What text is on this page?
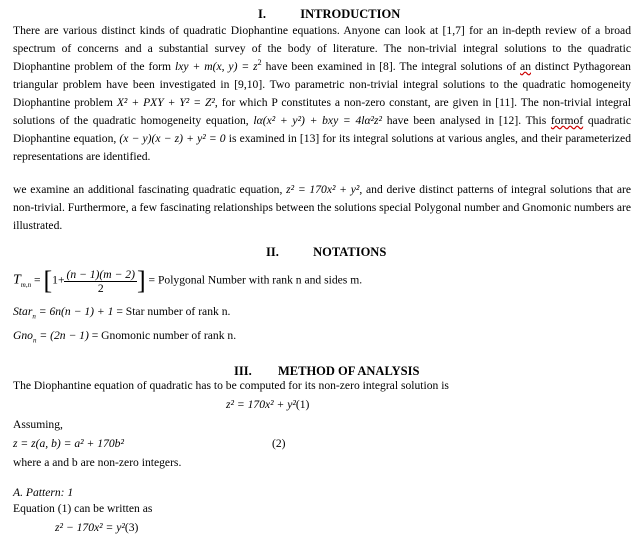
I.	INTRODUCTION
There are various distinct kinds of quadratic Diophantine equations. Anyone can look at [1,7] for an in-depth review of a broad spectrum of concerns and a substantial survey of the body of literature. The non-trivial integral solutions to the quadratic Diophantine problem of the form lxy + m(x, $y) = z^2$ have been examined in [8]. The integral solutions of an distinct Pythagorean triangular problem have been investigated in [9,10]. Two parametric non-trivial integral solutions to the quadratic homogeneity Diophantine problem X² + PXY + Y² = Z², for which P constitutes a non-zero constant, are given in [11]. The non-trivial integral solutions of the quadratic homogeneity equation, lα(x² + y²) + bxy = 4lα²z² have been analysed in [12]. This formof quadratic Diophantine equation, (x − y)(x − z) + y² = 0 is examined in [13] for its integral solutions at various angles, and their parameterized representations are identified.
we examine an additional fascinating quadratic equation, z² = 170x² + y², and derive distinct patterns of integral solutions that are non-trivial. Furthermore, a few fascinating relationships between the solutions special Polygonal number and Gnomonic numbers are illustrated.
II.	NOTATIONS
$T_{m,n} = [1+ \frac{(n - 1)(m - 2)}{2}$ ] = Polygonal Number with rank n and sides m.
Star$_n$ = 6n(n − 1) + 1 = Star number of rank n.
Gno$_n$ = (2n − 1) = Gnomonic number of rank n.
III. METHOD OF ANALYSIS
The Diophantine equation of quadratic has to be computed for its non-zero integral solution is
z² = 170x² + y²(1)
Assuming,
z = z(a, b) = a² + 170b²	(2)
where a and b are non-zero integers.
A. Pattern: 1
Equation (1) can be written as
z² − 170x² = y²(3)
